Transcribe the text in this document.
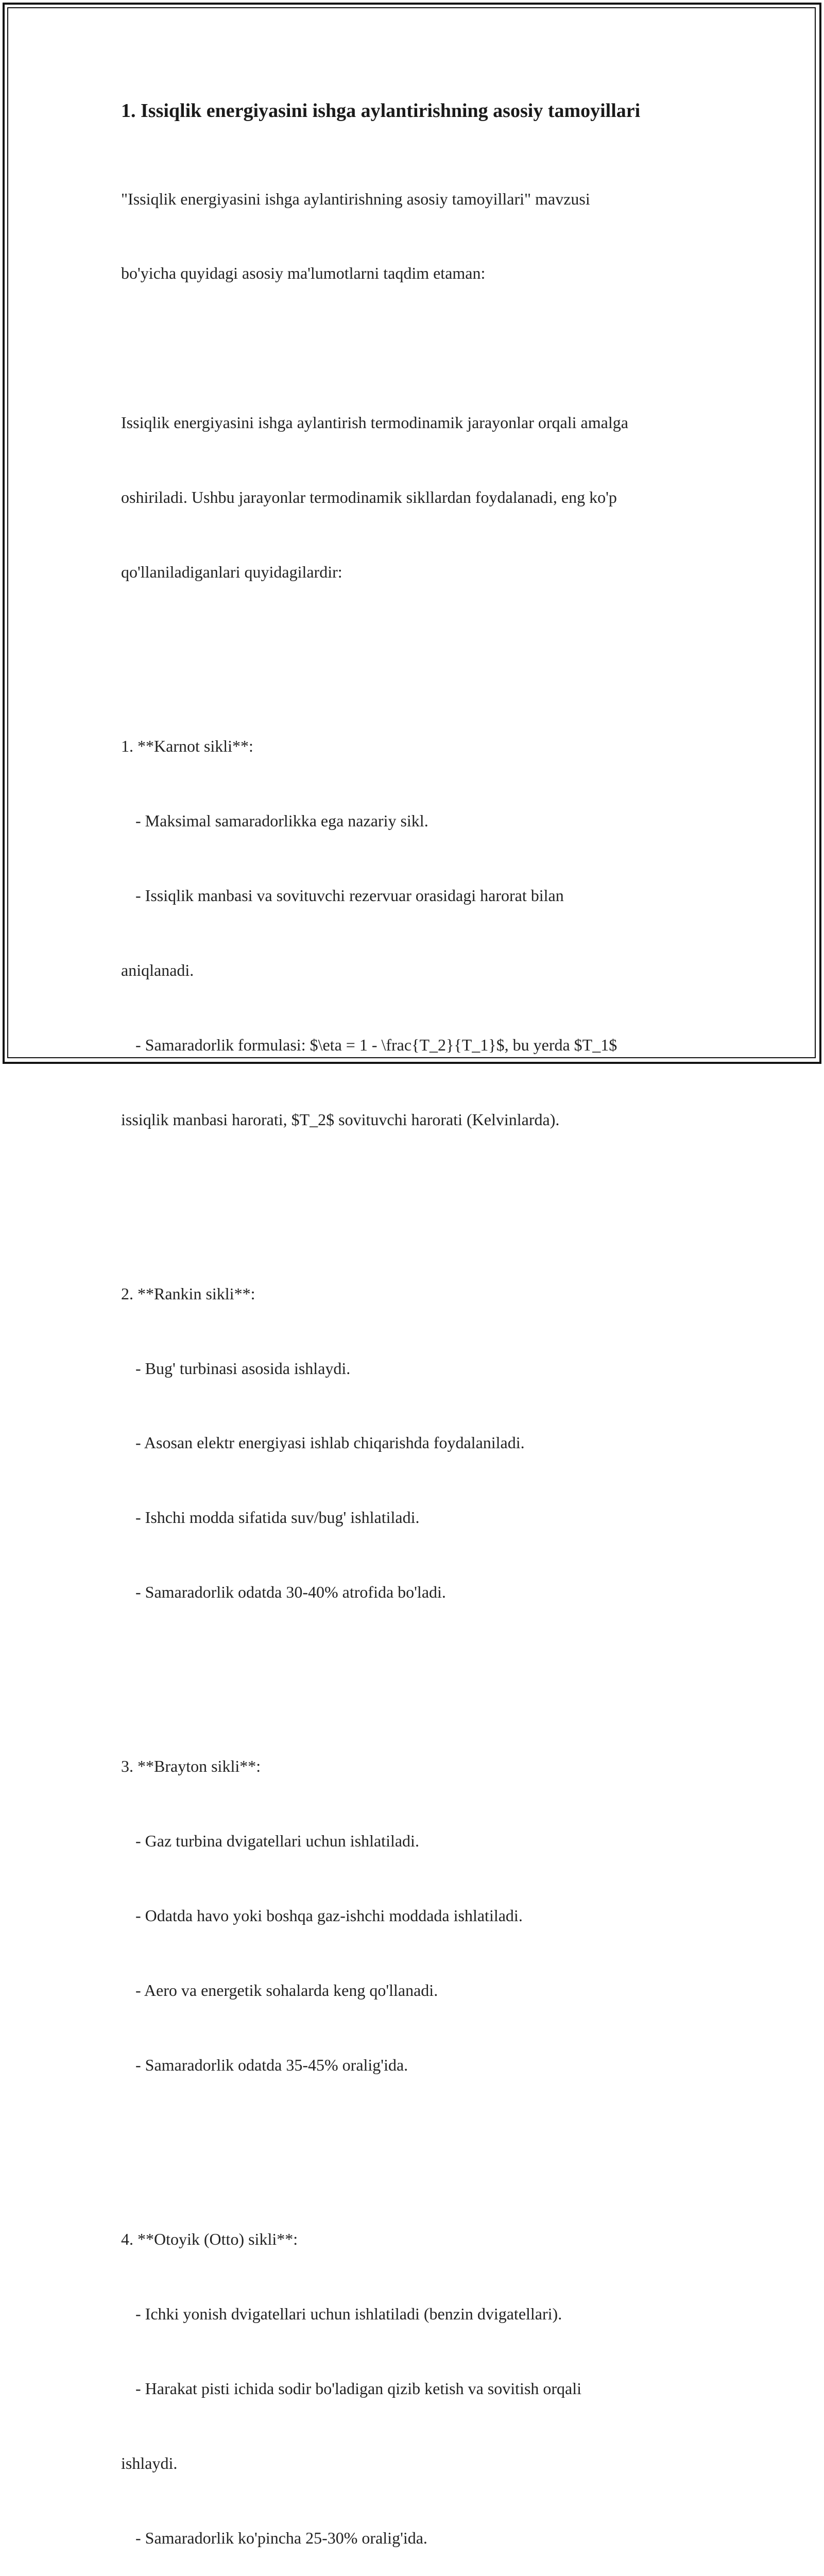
1. Issiqlik energiyasini ishga aylantirishning asosiy tamoyillari

"Issiqlik energiyasini ishga aylantirishning asosiy tamoyillari" mavzusi

bo'yicha quyidagi asosiy ma'lumotlarni taqdim etaman:

Issiqlik energiyasini ishga aylantirish termodinamik jarayonlar orqali amalga

oshiriladi. Ushbu jarayonlar termodinamik sikllardan foydalanadi, eng ko'p

qo'llaniladiganlari quyidagilardir:

1. **Karnot sikli**:

- Maksimal samaradorlikka ega nazariy sikl.

- Issiqlik manbasi va sovituvchi rezervuar orasidagi harorat bilan

aniqlanadi.

- Samaradorlik formulasi: $\eta = 1 - \frac{T_2}{T_1}$, bu yerda $T_1$

issiqlik manbasi harorati, $T_2$ sovituvchi harorati (Kelvinlarda).

2. **Rankin sikli**:

- Bug' turbinasi asosida ishlaydi.

- Asosan elektr energiyasi ishlab chiqarishda foydalaniladi.

- Ishchi modda sifatida suv/bug' ishlatiladi.

- Samaradorlik odatda 30-40% atrofida bo'ladi.

3. **Brayton sikli**:

- Gaz turbina dvigatellari uchun ishlatiladi.

- Odatda havo yoki boshqa gaz-ishchi moddada ishlatiladi.

- Aero va energetik sohalarda keng qo'llanadi.

- Samaradorlik odatda 35-45% oralig'ida.

4. **Otoyik (Otto) sikli**:

- Ichki yonish dvigatellari uchun ishlatiladi (benzin dvigatellari).

- Harakat pisti ichida sodir bo'ladigan qizib ketish va sovitish orqali

ishlaydi.

- Samaradorlik ko'pincha 25-30% oralig'ida.
